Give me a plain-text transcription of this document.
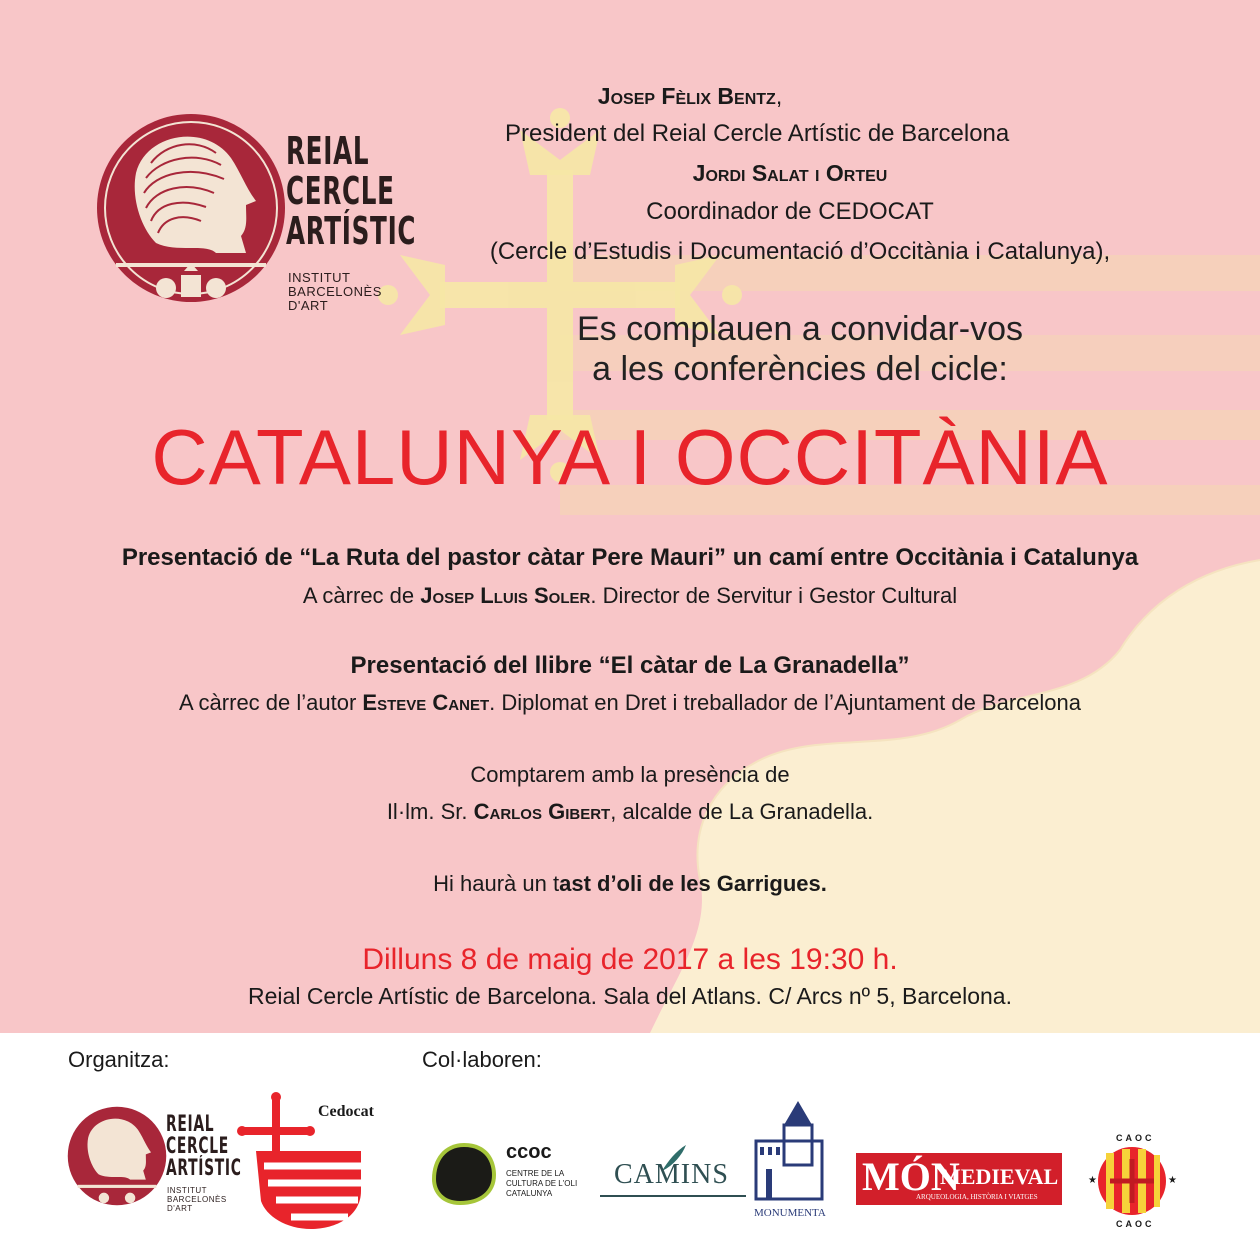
REIAL
CERCLE
ARTÍSTIC
INSTITUT
BARCELONÈS
D'ART
Josep Fèlix Bentz,
President del Reial Cercle Artístic de Barcelona
Jordi Salat i Orteu
Coordinador de CEDOCAT
(Cercle d’Estudis i Documentació d’Occitània i Catalunya),
Es complauen a convidar-vos
a les conferències del cicle:
CATALUNYA I OCCITÀNIA
Presentació de “La Ruta del pastor càtar Pere Mauri” un camí entre Occitània i Catalunya
A càrrec de Josep Lluis Soler. Director de Servitur i Gestor Cultural
Presentació del llibre “El càtar de La Granadella”
A càrrec de l’autor Esteve Canet. Diplomat en Dret i treballador de l’Ajuntament de Barcelona
Comptarem amb la presència de
Il·lm. Sr. Carlos Gibert, alcalde de La Granadella.
Hi haurà un tast d’oli de les Garrigues.
Dilluns 8 de maig de 2017 a les 19:30 h.
Reial Cercle Artístic de Barcelona. Sala del Atlans. C/ Arcs nº 5, Barcelona.
Organitza:	Col·laboren:
REIAL
CERCLE
ARTÍSTIC
INSTITUT
BARCELONÈS
D'ART
Cedocat
ccoc
CENTRE DE LA
CULTURA DE L'OLI
CATALUNYA
CAMINS
MONUMENTA
MÓN
MEDIEVAL
ARQUEOLOGIA, HISTÒRIA I VIATGES
★	★
CAOC
CAOC
